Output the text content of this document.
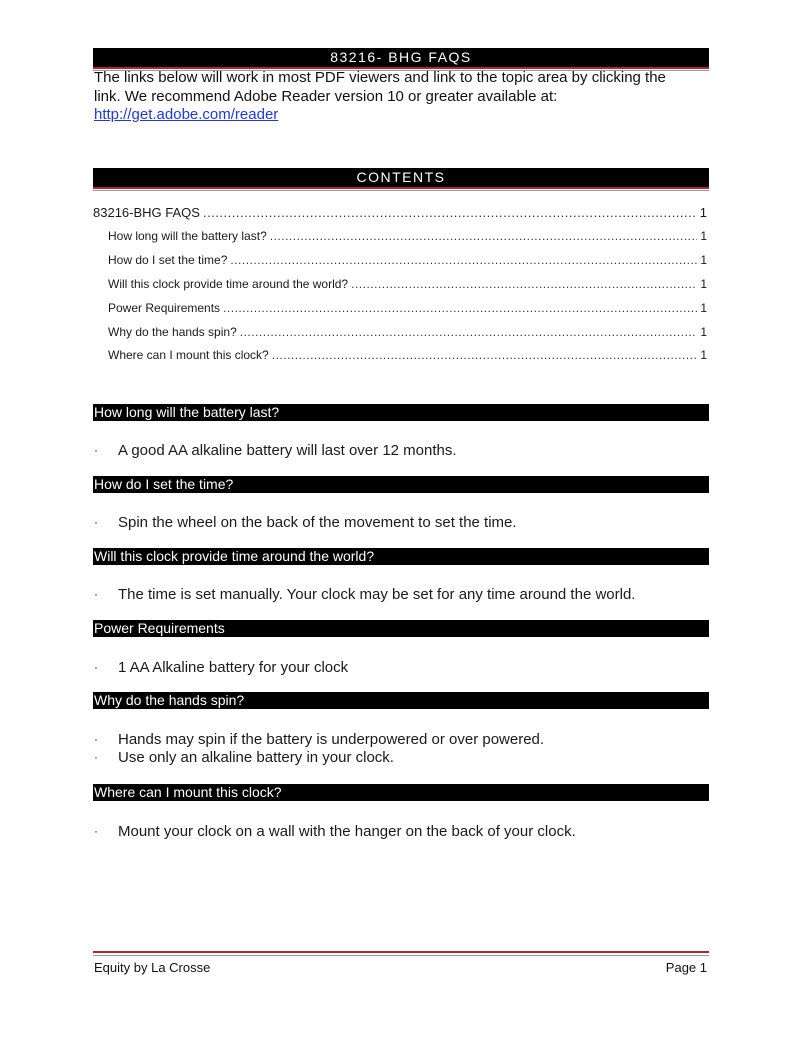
83216- BHG FAQS
The links below will work in most PDF viewers and link to the topic area by clicking the
link. We recommend Adobe Reader version 10 or greater available at:
http://get.adobe.com/reader
CONTENTS
83216-BHG FAQS .....	1
How long will the battery last? .....	1
How do I set the time? .....	1
Will this clock provide time around the world? .....	1
Power Requirements .....	1
Why do the hands spin? .....	1
Where can I mount this clock? .....	1
How long will the battery last?
·	A good AA alkaline battery will last over 12 months.
How do I set the time?
·	Spin the wheel on the back of the movement to set the time.
Will this clock provide time around the world?
·	The time is set manually. Your clock may be set for any time around the world.
Power Requirements
·	1 AA Alkaline battery for your clock
Why do the hands spin?
·	Hands may spin if the battery is underpowered or over powered.
·	Use only an alkaline battery in your clock.
Where can I mount this clock?
·	Mount your clock on a wall with the hanger on the back of your clock.
Equity by La Crosse	Page 1
